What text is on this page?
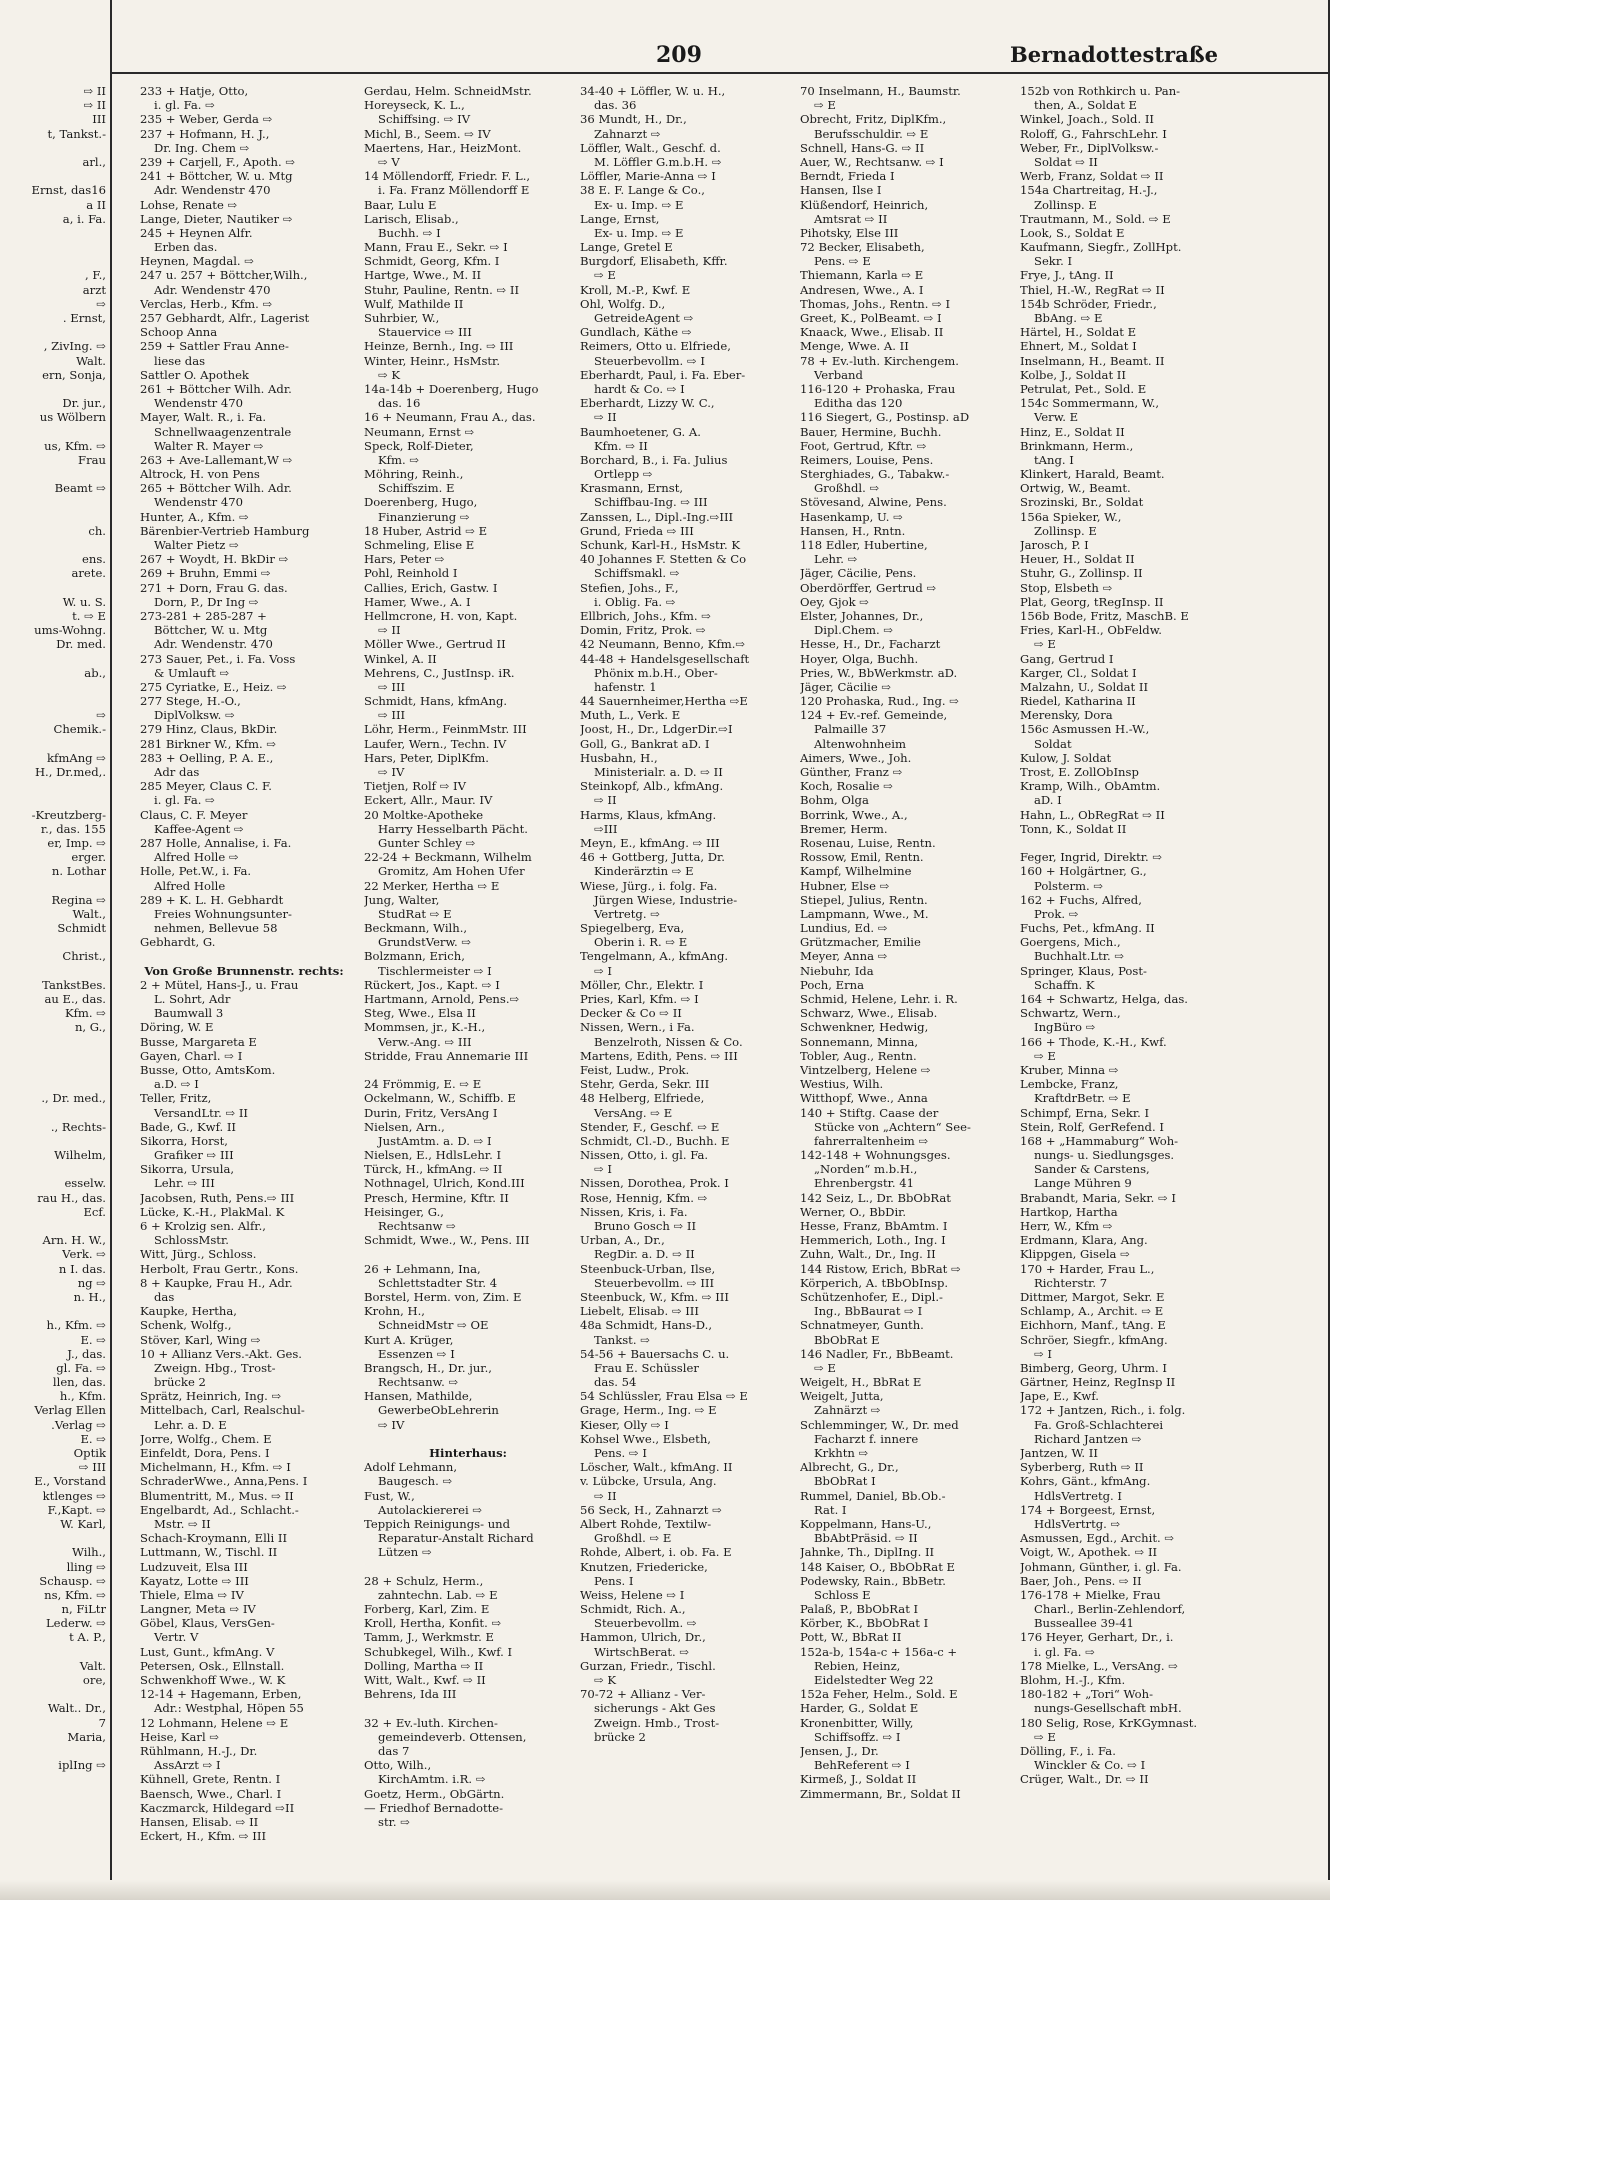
209	Bernadottestraße
⇨ II
⇨ II
III
t, Tankst.-
arl.,
Ernst, das16
a II
a, i. Fa.
, F.,
arzt
⇨
. Ernst,
, ZivIng. ⇨
Walt.
ern, Sonja,
Dr. jur.,
us Wölbern
us, Kfm. ⇨
Frau
Beamt ⇨
ch.
ens.
arete.
W. u. S.
t. ⇨ E
ums-Wohng.
Dr. med.
ab.,
⇨
Chemik.-
kfmAng ⇨
H., Dr.med,.
-Kreutzberg-
r., das. 155
er, Imp. ⇨
erger.
n. Lothar
Regina ⇨
Walt.,
Schmidt
Christ.,
TankstBes.
au E., das.
Kfm. ⇨
n, G.,
., Dr. med.,
., Rechts-
Wilhelm,
esselw.
rau H., das.
Ecf.
Arn. H. W.,
Verk. ⇨
n I. das.
ng ⇨
n. H.,
h., Kfm. ⇨
E. ⇨
J., das.
gl. Fa. ⇨
llen, das.
h., Kfm.
Verlag Ellen
.Verlag ⇨
E. ⇨
Optik
⇨ III
E., Vorstand
ktlenges ⇨
F.,Kapt. ⇨
W. Karl,
Wilh.,
lling ⇨
Schausp. ⇨
ns, Kfm. ⇨
n, FiLtr
Lederw. ⇨
t A. P.,
Valt.
ore,
Walt.. Dr.,
7
Maria,
iplIng ⇨
233 + Hatje, Otto,
i. gl. Fa. ⇨
235 + Weber, Gerda ⇨
237 + Hofmann, H. J.,
Dr. Ing. Chem ⇨
239 + Carjell, F., Apoth. ⇨
241 + Böttcher, W. u. Mtg
Adr. Wendenstr 470
Lohse, Renate ⇨
Lange, Dieter, Nautiker ⇨
245 + Heynen Alfr.
Erben das.
Heynen, Magdal. ⇨
247 u. 257 + Böttcher,Wilh.,
Adr. Wendenstr 470
Verclas, Herb., Kfm. ⇨
257 Gebhardt, Alfr., Lagerist
Schoop Anna
259 + Sattler Frau Anne-
liese das
Sattler O. Apothek
261 + Böttcher Wilh. Adr.
Wendenstr 470
Mayer, Walt. R., i. Fa.
Schnellwaagenzentrale
Walter R. Mayer ⇨
263 + Ave-Lallemant,W ⇨
Altrock, H. von Pens
265 + Böttcher Wilh. Adr.
Wendenstr 470
Hunter, A., Kfm. ⇨
Bärenbier-Vertrieb Hamburg
Walter Pietz ⇨
267 + Woydt, H. BkDir ⇨
269 + Bruhn, Emmi ⇨
271 + Dorn, Frau G. das.
Dorn, P., Dr Ing ⇨
273-281 + 285-287 +
Böttcher, W. u. Mtg
Adr. Wendenstr. 470
273 Sauer, Pet., i. Fa. Voss
& Umlauft ⇨
275 Cyriatke, E., Heiz. ⇨
277 Stege, H.-O.,
DiplVolksw. ⇨
279 Hinz, Claus, BkDir.
281 Birkner W., Kfm. ⇨
283 + Oelling, P. A. E.,
Adr das
285 Meyer, Claus C. F.
i. gl. Fa. ⇨
Claus, C. F. Meyer
Kaffee-Agent ⇨
287 Holle, Annalise, i. Fa.
Alfred Holle ⇨
Holle, Pet.W., i. Fa.
Alfred Holle
289 + K. L. H. Gebhardt
Freies Wohnungsunter-
nehmen, Bellevue 58
Gebhardt, G.
Von Große Brunnenstr. rechts:
2 + Mütel, Hans-J., u. Frau
L. Sohrt, Adr
Baumwall 3
Döring, W. E
Busse, Margareta E
Gayen, Charl. ⇨ I
Busse, Otto, AmtsKom.
a.D. ⇨ I
Teller, Fritz,
VersandLtr. ⇨ II
Bade, G., Kwf. II
Sikorra, Horst,
Grafiker ⇨ III
Sikorra, Ursula,
Lehr. ⇨ III
Jacobsen, Ruth, Pens.⇨ III
Lücke, K.-H., PlakMal. K
6 + Krolzig sen. Alfr.,
SchlossMstr.
Witt, Jürg., Schloss.
Herbolt, Frau Gertr., Kons.
8 + Kaupke, Frau H., Adr.
das
Kaupke, Hertha,
Schenk, Wolfg.,
Stöver, Karl, Wing ⇨
10 + Allianz Vers.-Akt. Ges.
Zweign. Hbg., Trost-
brücke 2
Sprätz, Heinrich, Ing. ⇨
Mittelbach, Carl, Realschul-
Lehr. a. D. E
Jorre, Wolfg., Chem. E
Einfeldt, Dora, Pens. I
Michelmann, H., Kfm. ⇨ I
SchraderWwe., Anna,Pens. I
Blumentritt, M., Mus. ⇨ II
Engelbardt, Ad., Schlacht.-
Mstr. ⇨ II
Schach-Kroymann, Elli II
Luttmann, W., Tischl. II
Ludzuveit, Elsa III
Kayatz, Lotte ⇨ III
Thiele, Elma ⇨ IV
Langner, Meta ⇨ IV
Göbel, Klaus, VersGen-
Vertr. V
Lust, Gunt., kfmAng. V
Petersen, Osk., Ellnstall.
Schwenkhoff Wwe., W. K
12-14 + Hagemann, Erben,
Adr.: Westphal, Höpen 55
12 Lohmann, Helene ⇨ E
Heise, Karl ⇨
Rühlmann, H.-J., Dr.
AssArzt ⇨ I
Kühnell, Grete, Rentn. I
Baensch, Wwe., Charl. I
Kaczmarck, Hildegard ⇨II
Hansen, Elisab. ⇨ II
Eckert, H., Kfm. ⇨ III
Gerdau, Helm. SchneidMstr.
Horeyseck, K. L.,
Schiffsing. ⇨ IV
Michl, B., Seem. ⇨ IV
Maertens, Har., HeizMont.
⇨ V
14 Möllendorff, Friedr. F. L.,
i. Fa. Franz Möllendorff E
Baar, Lulu E
Larisch, Elisab.,
Buchh. ⇨ I
Mann, Frau E., Sekr. ⇨ I
Schmidt, Georg, Kfm. I
Hartge, Wwe., M. II
Stuhr, Pauline, Rentn. ⇨ II
Wulf, Mathilde II
Suhrbier, W.,
Stauervice ⇨ III
Heinze, Bernh., Ing. ⇨ III
Winter, Heinr., HsMstr.
⇨ K
14a-14b + Doerenberg, Hugo
das. 16
16 + Neumann, Frau A., das.
Neumann, Ernst ⇨
Speck, Rolf-Dieter,
Kfm. ⇨
Möhring, Reinh.,
Schiffszim. E
Doerenberg, Hugo,
Finanzierung ⇨
18 Huber, Astrid ⇨ E
Schmeling, Elise E
Hars, Peter ⇨
Pohl, Reinhold I
Callies, Erich, Gastw. I
Hamer, Wwe., A. I
Hellmcrone, H. von, Kapt.
⇨ II
Möller Wwe., Gertrud II
Winkel, A. II
Mehrens, C., JustInsp. iR.
⇨ III
Schmidt, Hans, kfmAng.
⇨ III
Löhr, Herm., FeinmMstr. III
Laufer, Wern., Techn. IV
Hars, Peter, DiplKfm.
⇨ IV
Tietjen, Rolf ⇨ IV
Eckert, Allr., Maur. IV
20 Moltke-Apotheke
Harry Hesselbarth Pächt.
Gunter Schley ⇨
22-24 + Beckmann, Wilhelm
Gromitz, Am Hohen Ufer
22 Merker, Hertha ⇨ E
Jung, Walter,
StudRat ⇨ E
Beckmann, Wilh.,
GrundstVerw. ⇨
Bolzmann, Erich,
Tischlermeister ⇨ I
Rückert, Jos., Kapt. ⇨ I
Hartmann, Arnold, Pens.⇨
Steg, Wwe., Elsa II
Mommsen, jr., K.-H.,
Verw.-Ang. ⇨ III
Stridde, Frau Annemarie III
24 Frömmig, E. ⇨ E
Ockelmann, W., Schiffb. E
Durin, Fritz, VersAng I
Nielsen, Arn.,
JustAmtm. a. D. ⇨ I
Nielsen, E., HdlsLehr. I
Türck, H., kfmAng. ⇨ II
Nothnagel, Ulrich, Kond.III
Presch, Hermine, Kftr. II
Heisinger, G.,
Rechtsanw ⇨
Schmidt, Wwe., W., Pens. III
26 + Lehmann, Ina,
Schlettstadter Str. 4
Borstel, Herm. von, Zim. E
Krohn, H.,
SchneidMstr ⇨ OE
Kurt A. Krüger,
Essenzen ⇨ I
Brangsch, H., Dr. jur.,
Rechtsanw. ⇨
Hansen, Mathilde,
GewerbeObLehrerin
⇨ IV
Hinterhaus:
Adolf Lehmann,
Baugesch. ⇨
Fust, W.,
Autolackiererei ⇨
Teppich Reinigungs- und
Reparatur-Anstalt Richard
Lützen ⇨
28 + Schulz, Herm.,
zahntechn. Lab. ⇨ E
Forberg, Karl, Zim. E
Kroll, Hertha, Konfit. ⇨
Tamm, J., Werkmstr. E
Schubkegel, Wilh., Kwf. I
Dolling, Martha ⇨ II
Witt, Walt., Kwf. ⇨ II
Behrens, Ida III
32 + Ev.-luth. Kirchen-
gemeindeverb. Ottensen,
das 7
Otto, Wilh.,
KirchAmtm. i.R. ⇨
Goetz, Herm., ObGärtn.
— Friedhof Bernadotte-
str. ⇨
34-40 + Löffler, W. u. H.,
das. 36
36 Mundt, H., Dr.,
Zahnarzt ⇨
Löffler, Walt., Geschf. d.
M. Löffler G.m.b.H. ⇨
Löffler, Marie-Anna ⇨ I
38 E. F. Lange & Co.,
Ex- u. Imp. ⇨ E
Lange, Ernst,
Ex- u. Imp. ⇨ E
Lange, Gretel E
Burgdorf, Elisabeth, Kffr.
⇨ E
Kroll, M.-P., Kwf. E
Ohl, Wolfg. D.,
GetreideAgent ⇨
Gundlach, Käthe ⇨
Reimers, Otto u. Elfriede,
Steuerbevollm. ⇨ I
Eberhardt, Paul, i. Fa. Eber-
hardt & Co. ⇨ I
Eberhardt, Lizzy W. C.,
⇨ II
Baumhoetener, G. A.
Kfm. ⇨ II
Borchard, B., i. Fa. Julius
Ortlepp ⇨
Krasmann, Ernst,
Schiffbau-Ing. ⇨ III
Zanssen, L., Dipl.-Ing.⇨III
Grund, Frieda ⇨ III
Schunk, Karl-H., HsMstr. K
40 Johannes F. Stetten & Co
Schiffsmakl. ⇨
Stefien, Johs., F.,
i. Oblig. Fa. ⇨
Ellbrich, Johs., Kfm. ⇨
Domin, Fritz, Prok. ⇨
42 Neumann, Benno, Kfm.⇨
44-48 + Handelsgesellschaft
Phönix m.b.H., Ober-
hafenstr. 1
44 Sauernheimer,Hertha ⇨E
Muth, L., Verk. E
Joost, H., Dr., LdgerDir.⇨I
Goll, G., Bankrat aD. I
Husbahn, H.,
Ministerialr. a. D. ⇨ II
Steinkopf, Alb., kfmAng.
⇨ II
Harms, Klaus, kfmAng.
⇨III
Meyn, E., kfmAng. ⇨ III
46 + Gottberg, Jutta, Dr.
Kinderärztin ⇨ E
Wiese, Jürg., i. folg. Fa.
Jürgen Wiese, Industrie-
Vertretg. ⇨
Spiegelberg, Eva,
Oberin i. R. ⇨ E
Tengelmann, A., kfmAng.
⇨ I
Möller, Chr., Elektr. I
Pries, Karl, Kfm. ⇨ I
Decker & Co ⇨ II
Nissen, Wern., i Fa.
Benzelroth, Nissen & Co.
Martens, Edith, Pens. ⇨ III
Feist, Ludw., Prok.
Stehr, Gerda, Sekr. III
48 Helberg, Elfriede,
VersAng. ⇨ E
Stender, F., Geschf. ⇨ E
Schmidt, Cl.-D., Buchh. E
Nissen, Otto, i. gl. Fa.
⇨ I
Nissen, Dorothea, Prok. I
Rose, Hennig, Kfm. ⇨
Nissen, Kris, i. Fa.
Bruno Gosch ⇨ II
Urban, A., Dr.,
RegDir. a. D. ⇨ II
Steenbuck-Urban, Ilse,
Steuerbevollm. ⇨ III
Steenbuck, W., Kfm. ⇨ III
Liebelt, Elisab. ⇨ III
48a Schmidt, Hans-D.,
Tankst. ⇨
54-56 + Bauersachs C. u.
Frau E. Schüssler
das. 54
54 Schlüssler, Frau Elsa ⇨ E
Grage, Herm., Ing. ⇨ E
Kieser, Olly ⇨ I
Kohsel Wwe., Elsbeth,
Pens. ⇨ I
Löscher, Walt., kfmAng. II
v. Lübcke, Ursula, Ang.
⇨ II
56 Seck, H., Zahnarzt ⇨
Albert Rohde, Textilw-
Großhdl. ⇨ E
Rohde, Albert, i. ob. Fa. E
Knutzen, Friedericke,
Pens. I
Weiss, Helene ⇨ I
Schmidt, Rich. A.,
Steuerbevollm. ⇨
Hammon, Ulrich, Dr.,
WirtschBerat. ⇨
Gurzan, Friedr., Tischl.
⇨ K
70-72 + Allianz - Ver-
sicherungs - Akt Ges
Zweign. Hmb., Trost-
brücke 2
70 Inselmann, H., Baumstr.
⇨ E
Obrecht, Fritz, DiplKfm.,
Berufsschuldir. ⇨ E
Schnell, Hans-G. ⇨ II
Auer, W., Rechtsanw. ⇨ I
Berndt, Frieda I
Hansen, Ilse I
Klüßendorf, Heinrich,
Amtsrat ⇨ II
Pihotsky, Else III
72 Becker, Elisabeth,
Pens. ⇨ E
Thiemann, Karla ⇨ E
Andresen, Wwe., A. I
Thomas, Johs., Rentn. ⇨ I
Greet, K., PolBeamt. ⇨ I
Knaack, Wwe., Elisab. II
Menge, Wwe. A. II
78 + Ev.-luth. Kirchengem.
Verband
116-120 + Prohaska, Frau
Editha das 120
116 Siegert, G., Postinsp. aD
Bauer, Hermine, Buchh.
Foot, Gertrud, Kftr. ⇨
Reimers, Louise, Pens.
Sterghiades, G., Tabakw.-
Großhdl. ⇨
Stövesand, Alwine, Pens.
Hasenkamp, U. ⇨
Hansen, H., Rntn.
118 Edler, Hubertine,
Lehr. ⇨
Jäger, Cäcilie, Pens.
Oberdörffer, Gertrud ⇨
Oey, Gjok ⇨
Elster, Johannes, Dr.,
Dipl.Chem. ⇨
Hesse, H., Dr., Facharzt
Hoyer, Olga, Buchh.
Pries, W., BbWerkmstr. aD.
Jäger, Cäcilie ⇨
120 Prohaska, Rud., Ing. ⇨
124 + Ev.-ref. Gemeinde,
Palmaille 37
Altenwohnheim
Aimers, Wwe., Joh.
Günther, Franz ⇨
Koch, Rosalie ⇨
Bohm, Olga
Borrink, Wwe., A.,
Bremer, Herm.
Rosenau, Luise, Rentn.
Rossow, Emil, Rentn.
Kampf, Wilhelmine
Hubner, Else ⇨
Stiepel, Julius, Rentn.
Lampmann, Wwe., M.
Lundius, Ed. ⇨
Grützmacher, Emilie
Meyer, Anna ⇨
Niebuhr, Ida
Poch, Erna
Schmid, Helene, Lehr. i. R.
Schwarz, Wwe., Elisab.
Schwenkner, Hedwig,
Sonnemann, Minna,
Tobler, Aug., Rentn.
Vintzelberg, Helene ⇨
Westius, Wilh.
Witthopf, Wwe., Anna
140 + Stiftg. Caase der
Stücke von „Achtern“ See-
fahrerraltenheim ⇨
142-148 + Wohnungsges.
„Norden“ m.b.H.,
Ehrenbergstr. 41
142 Seiz, L., Dr. BbObRat
Werner, O., BbDir.
Hesse, Franz, BbAmtm. I
Hemmerich, Loth., Ing. I
Zuhn, Walt., Dr., Ing. II
144 Ristow, Erich, BbRat ⇨
Körperich, A. tBbObInsp.
Schützenhofer, E., Dipl.-
Ing., BbBaurat ⇨ I
Schnatmeyer, Gunth.
BbObRat E
146 Nadler, Fr., BbBeamt.
⇨ E
Weigelt, H., BbRat E
Weigelt, Jutta,
Zahnärzt ⇨
Schlemminger, W., Dr. med
Facharzt f. innere
Krkhtn ⇨
Albrecht, G., Dr.,
BbObRat I
Rummel, Daniel, Bb.Ob.-
Rat. I
Koppelmann, Hans-U.,
BbAbtPräsid. ⇨ II
Jahnke, Th., DiplIng. II
148 Kaiser, O., BbObRat E
Podewsky, Rain., BbBetr.
Schloss E
Palaß, P., BbObRat I
Körber, K., BbObRat I
Pott, W., BbRat II
152a-b, 154a-c + 156a-c +
Rebien, Heinz,
Eidelstedter Weg 22
152a Feher, Helm., Sold. E
Harder, G., Soldat E
Kronenbitter, Willy,
Schiffsoffz. ⇨ I
Jensen, J., Dr.
BehReferent ⇨ I
Kirmeß, J., Soldat II
Zimmermann, Br., Soldat II
152b von Rothkirch u. Pan-
then, A., Soldat E
Winkel, Joach., Sold. II
Roloff, G., FahrschLehr. I
Weber, Fr., DiplVolksw.-
Soldat ⇨ II
Werb, Franz, Soldat ⇨ II
154a Chartreitag, H.-J.,
Zollinsp. E
Trautmann, M., Sold. ⇨ E
Look, S., Soldat E
Kaufmann, Siegfr., ZollHpt.
Sekr. I
Frye, J., tAng. II
Thiel, H.-W., RegRat ⇨ II
154b Schröder, Friedr.,
BbAng. ⇨ E
Härtel, H., Soldat E
Ehnert, M., Soldat I
Inselmann, H., Beamt. II
Kolbe, J., Soldat II
Petrulat, Pet., Sold. E
154c Sommermann, W.,
Verw. E
Hinz, E., Soldat II
Brinkmann, Herm.,
tAng. I
Klinkert, Harald, Beamt.
Ortwig, W., Beamt.
Srozinski, Br., Soldat
156a Spieker, W.,
Zollinsp. E
Jarosch, P. I
Heuer, H., Soldat II
Stuhr, G., Zollinsp. II
Stop, Elsbeth ⇨
Plat, Georg, tRegInsp. II
156b Bode, Fritz, MaschB. E
Fries, Karl-H., ObFeldw.
⇨ E
Gang, Gertrud I
Karger, Cl., Soldat I
Malzahn, U., Soldat II
Riedel, Katharina II
Merensky, Dora
156c Asmussen H.-W.,
Soldat
Kulow, J. Soldat
Trost, E. ZollObInsp
Kramp, Wilh., ObAmtm.
aD. I
Hahn, L., ObRegRat ⇨ II
Tonn, K., Soldat II
Feger, Ingrid, Direktr. ⇨
160 + Holgärtner, G.,
Polsterm. ⇨
162 + Fuchs, Alfred,
Prok. ⇨
Fuchs, Pet., kfmAng. II
Goergens, Mich.,
Buchhalt.Ltr. ⇨
Springer, Klaus, Post-
Schaffn. K
164 + Schwartz, Helga, das.
Schwartz, Wern.,
IngBüro ⇨
166 + Thode, K.-H., Kwf.
⇨ E
Kruber, Minna ⇨
Lembcke, Franz,
KraftdrBetr. ⇨ E
Schimpf, Erna, Sekr. I
Stein, Rolf, GerRefend. I
168 + „Hammaburg“ Woh-
nungs- u. Siedlungsges.
Sander & Carstens,
Lange Mühren 9
Brabandt, Maria, Sekr. ⇨ I
Hartkop, Hartha
Herr, W., Kfm ⇨
Erdmann, Klara, Ang.
Klippgen, Gisela ⇨
170 + Harder, Frau L.,
Richterstr. 7
Dittmer, Margot, Sekr. E
Schlamp, A., Archit. ⇨ E
Eichhorn, Manf., tAng. E
Schröer, Siegfr., kfmAng.
⇨ I
Bimberg, Georg, Uhrm. I
Gärtner, Heinz, RegInsp II
Jape, E., Kwf.
172 + Jantzen, Rich., i. folg.
Fa. Groß-Schlachterei
Richard Jantzen ⇨
Jantzen, W. II
Syberberg, Ruth ⇨ II
Kohrs, Gänt., kfmAng.
HdlsVertretg. I
174 + Borgeest, Ernst,
HdlsVertrtg. ⇨
Asmussen, Egd., Archit. ⇨
Voigt, W., Apothek. ⇨ II
Johmann, Günther, i. gl. Fa.
Baer, Joh., Pens. ⇨ II
176-178 + Mielke, Frau
Charl., Berlin-Zehlendorf,
Busseallee 39-41
176 Heyer, Gerhart, Dr., i.
i. gl. Fa. ⇨
178 Mielke, L., VersAng. ⇨
Blohm, H.-J., Kfm.
180-182 + „Tori“ Woh-
nungs-Gesellschaft mbH.
180 Selig, Rose, KrKGymnast.
⇨ E
Dölling, F., i. Fa.
Winckler & Co. ⇨ I
Crüger, Walt., Dr. ⇨ II
